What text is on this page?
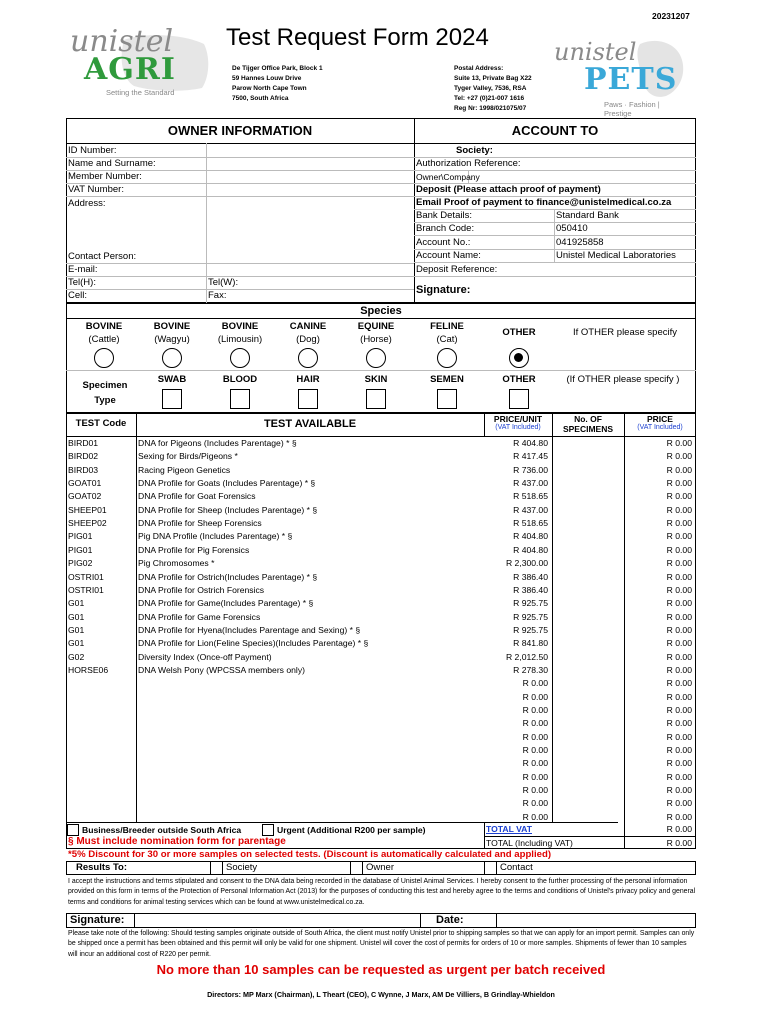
20231207
Test Request Form 2024
unistel
AGRI
Setting the Standard
De Tijger Office Park, Block 1
59 Hannes Louw Drive
Parow North Cape Town
7500, South Africa
Postal Address:
Suite 13, Private Bag X22
Tyger Valley, 7536, RSA
Tel: +27 (0)21-007 1616
Reg Nr: 1998/021075/07
unistel
PETS
Paws · Fashion | Prestige
OWNER INFORMATION	ACCOUNT TO
ID Number:
Name and Surname:
Member Number:
VAT Number:
Address:
Contact Person:
E-mail:
Tel(H):
Cell:
Tel(W):
Fax:
Society:
Authorization Reference:
Owner\Company
Deposit (Please attach proof of payment)
Email Proof of payment to finance@unistelmedical.co.za
Bank Details:	Standard Bank
Branch Code:	050410
Account No.:	041925858
Account Name:	Unistel Medical Laboratories
Deposit Reference:
Signature:
Species
BOVINE
(Cattle)
BOVINE
(Wagyu)
BOVINE
(Limousin)
CANINE
(Dog)
EQUINE
(Horse)
FELINE
(Cat)
OTHER	If OTHER please specify
Specimen
Type
SWAB	BLOOD	HAIR	SKIN	SEMEN	OTHER	(If OTHER please specify )
TEST Code	TEST AVAILABLE	PRICE/UNIT
(VAT Included)
No. OF SPECIMENS
PRICE
(VAT Included)
BIRD01	DNA for Pigeons (Includes Parentage) * §	R 404.80	R 0.00
BIRD02	Sexing for Birds/Pigeons *	R 417.45	R 0.00
BIRD03	Racing Pigeon Genetics	R 736.00	R 0.00
GOAT01	DNA Profile for Goats (Includes Parentage) * §	R 437.00	R 0.00
GOAT02	DNA Profile for Goat Forensics	R 518.65	R 0.00
SHEEP01	DNA Profile for Sheep (Includes Parentage) * §	R 437.00	R 0.00
SHEEP02	DNA Profile for Sheep Forensics	R 518.65	R 0.00
PIG01	Pig DNA Profile (Includes Parentage) * §	R 404.80	R 0.00
PIG01	DNA Profile for Pig Forensics	R 404.80	R 0.00
PIG02	Pig Chromosomes *	R 2,300.00	R 0.00
OSTRI01	DNA Profile for Ostrich(Includes Parentage) * §	R 386.40	R 0.00
OSTRI01	DNA Profile for Ostrich Forensics	R 386.40	R 0.00
G01	DNA Profile for Game(Includes Parentage) * §	R 925.75	R 0.00
G01	DNA Profile for Game Forensics	R 925.75	R 0.00
G01	DNA Profile for Hyena(Includes Parentage and Sexing) * §	R 925.75	R 0.00
G01	DNA Profile for Lion(Feline Species)(Includes Parentage) * §	R 841.80	R 0.00
G02	Diversity Index (Once-off Payment)	R 2,012.50	R 0.00
HORSE06	DNA Welsh Pony (WPCSSA members only)	R 278.30	R 0.00
R 0.00	R 0.00
R 0.00	R 0.00
R 0.00	R 0.00
R 0.00	R 0.00
R 0.00	R 0.00
R 0.00	R 0.00
R 0.00	R 0.00
R 0.00	R 0.00
R 0.00	R 0.00
R 0.00	R 0.00
R 0.00	R 0.00
Business/Breeder outside South Africa	Urgent (Additional R200 per sample)	TOTAL VAT	R 0.00
TOTAL (Including VAT)	R 0.00
§ Must include nomination form for parentage
*5% Discount for 30 or more samples on selected tests. (Discount is automatically calculated and applied)
Results To:	Society	Owner	Contact
I accept the instructions and terms stipulated and consent to the DNA data being recorded in the database of Unistel Animal Services. I hereby consent to the further processing of the personal information provided on this form in terms of the Protection of Personal Information Act (2013) for the purposes of conducting this test and hereby agree to the terms and conditions of Unistel's privacy policy and general terms and conditions for animal testing services which can be found at www.unistelmedical.co.za.
Signature:	Date:
Please take note of the following: Should testing samples originate outside of South Africa, the client must notify Unistel prior to shipping samples so that we can apply for an import permit. Samples can only be shipped once a permit has been obtained and this permit will only be valid for one shipment. Unistel will cover the cost of permits for orders of 10 or more samples. Shipments of fewer than 10 samples will incur an additional cost of R220 per permit.
No more than 10 samples can be requested as urgent per batch received
Directors: MP Marx (Chairman), L Theart (CEO), C Wynne, J Marx, AM De Villiers, B Grindlay-Whieldon
